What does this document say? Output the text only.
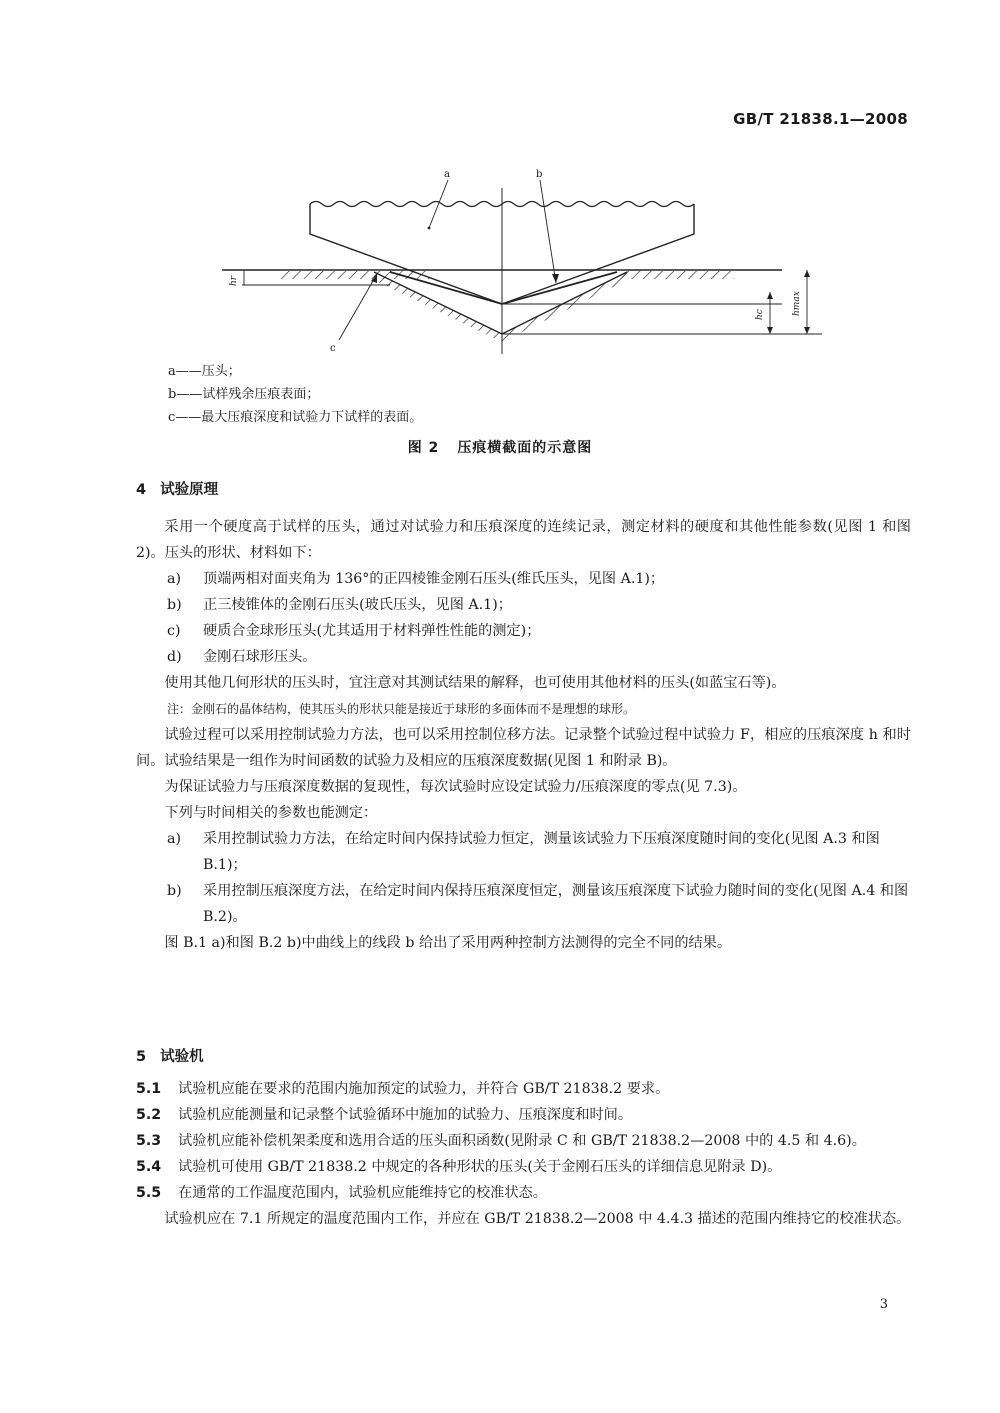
GB/T 21838.1—2008
a	b
c
hr
hc	hmax
a——压头；
b——试样残余压痕表面；
c——最大压痕深度和试验力下试样的表面。
图 2 压痕横截面的示意图
4 试验原理

采用一个硬度高于试样的压头，通过对试验力和压痕深度的连续记录，测定材料的硬度和其他性能参数(见图 1 和图 2)。压头的形状、材料如下：

a) 顶端两相对面夹角为 136°的正四棱锥金刚石压头(维氏压头，见图 A.1)；

b) 正三棱锥体的金刚石压头(玻氏压头，见图 A.1)；

c) 硬质合金球形压头(尤其适用于材料弹性性能的测定)；

d) 金刚石球形压头。

使用其他几何形状的压头时，宜注意对其测试结果的解释，也可使用其他材料的压头(如蓝宝石等)。

注：金刚石的晶体结构，使其压头的形状只能是接近于球形的多面体而不是理想的球形。

试验过程可以采用控制试验力方法，也可以采用控制位移方法。记录整个试验过程中试验力 F，相应的压痕深度 h 和时间。试验结果是一组作为时间函数的试验力及相应的压痕深度数据(见图 1 和附录 B)。

为保证试验力与压痕深度数据的复现性，每次试验时应设定试验力/压痕深度的零点(见 7.3)。

下列与时间相关的参数也能测定：

a) 采用控制试验力方法，在给定时间内保持试验力恒定，测量该试验力下压痕深度随时间的变化(见图 A.3 和图 B.1)；

b) 采用控制压痕深度方法，在给定时间内保持压痕深度恒定，测量该压痕深度下试验力随时间的变化(见图 A.4 和图 B.2)。

图 B.1 a)和图 B.2 b)中曲线上的线段 b 给出了采用两种控制方法测得的完全不同的结果。

5 试验机

5.1 试验机应能在要求的范围内施加预定的试验力，并符合 GB/T 21838.2 要求。

5.2 试验机应能测量和记录整个试验循环中施加的试验力、压痕深度和时间。

5.3 试验机应能补偿机架柔度和选用合适的压头面积函数(见附录 C 和 GB/T 21838.2—2008 中的 4.5 和 4.6)。

5.4 试验机可使用 GB/T 21838.2 中规定的各种形状的压头(关于金刚石压头的详细信息见附录 D)。

5.5 在通常的工作温度范围内，试验机应能维持它的校准状态。

试验机应在 7.1 所规定的温度范围内工作，并应在 GB/T 21838.2—2008 中 4.4.3 描述的范围内维持它的校准状态。

3
